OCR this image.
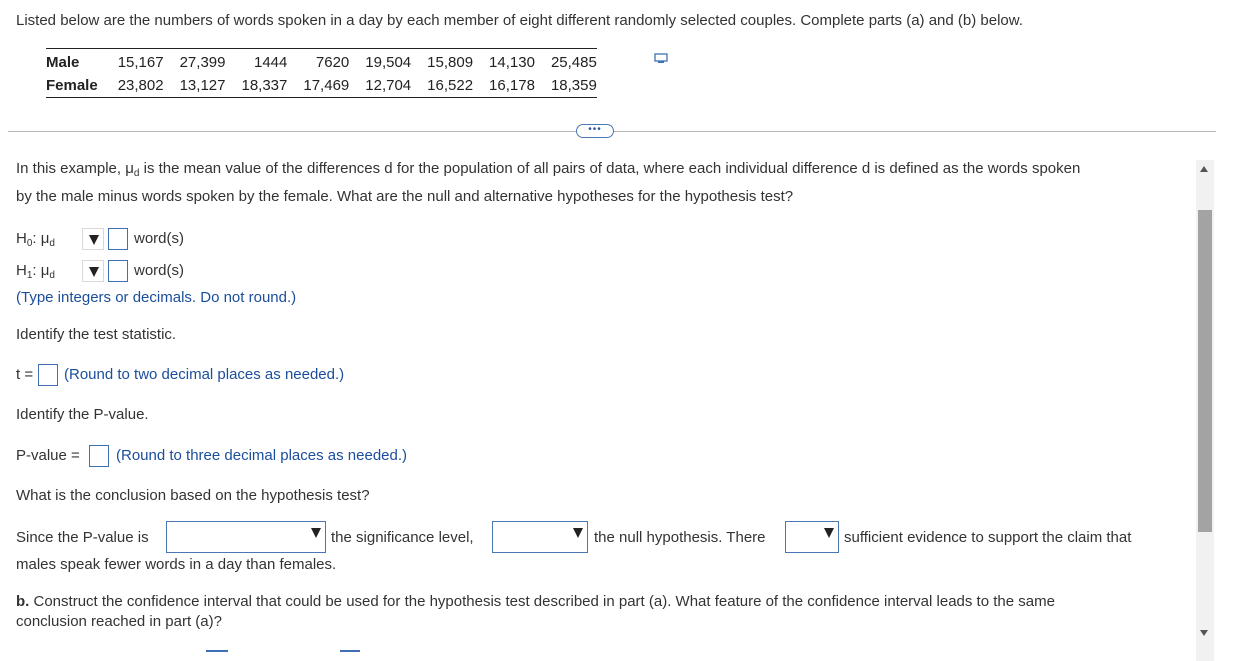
Listed below are the numbers of words spoken in a day by each member of eight different randomly selected couples. Complete parts (a) and (b) below.
Male	15,167	27,399	1444	7620	19,504	15,809	14,130	25,485
Female	23,802	13,127	18,337	17,469	12,704	16,522	16,178	18,359
•••
In this example, $\mu_d$ is the mean value of the differences d for the population of all pairs of data, where each individual difference d is defined as the words spoken
by the male minus words spoken by the female. What are the null and alternative hypotheses for the hypothesis test?
$H_0$: $\mu_d$	word(s)
$H_1$: $\mu_d$	word(s)
(Type integers or decimals. Do not round.)
Identify the test statistic.
t = (Round to two decimal places as needed.)
Identify the P-value.
P-value = (Round to three decimal places as needed.)
What is the conclusion based on the hypothesis test?
Since the P-value is	the significance level,	the null hypothesis. There	sufficient evidence to support the claim that
males speak fewer words in a day than females.
b. Construct the confidence interval that could be used for the hypothesis test described in part (a). What feature of the confidence interval leads to the same
conclusion reached in part (a)?
